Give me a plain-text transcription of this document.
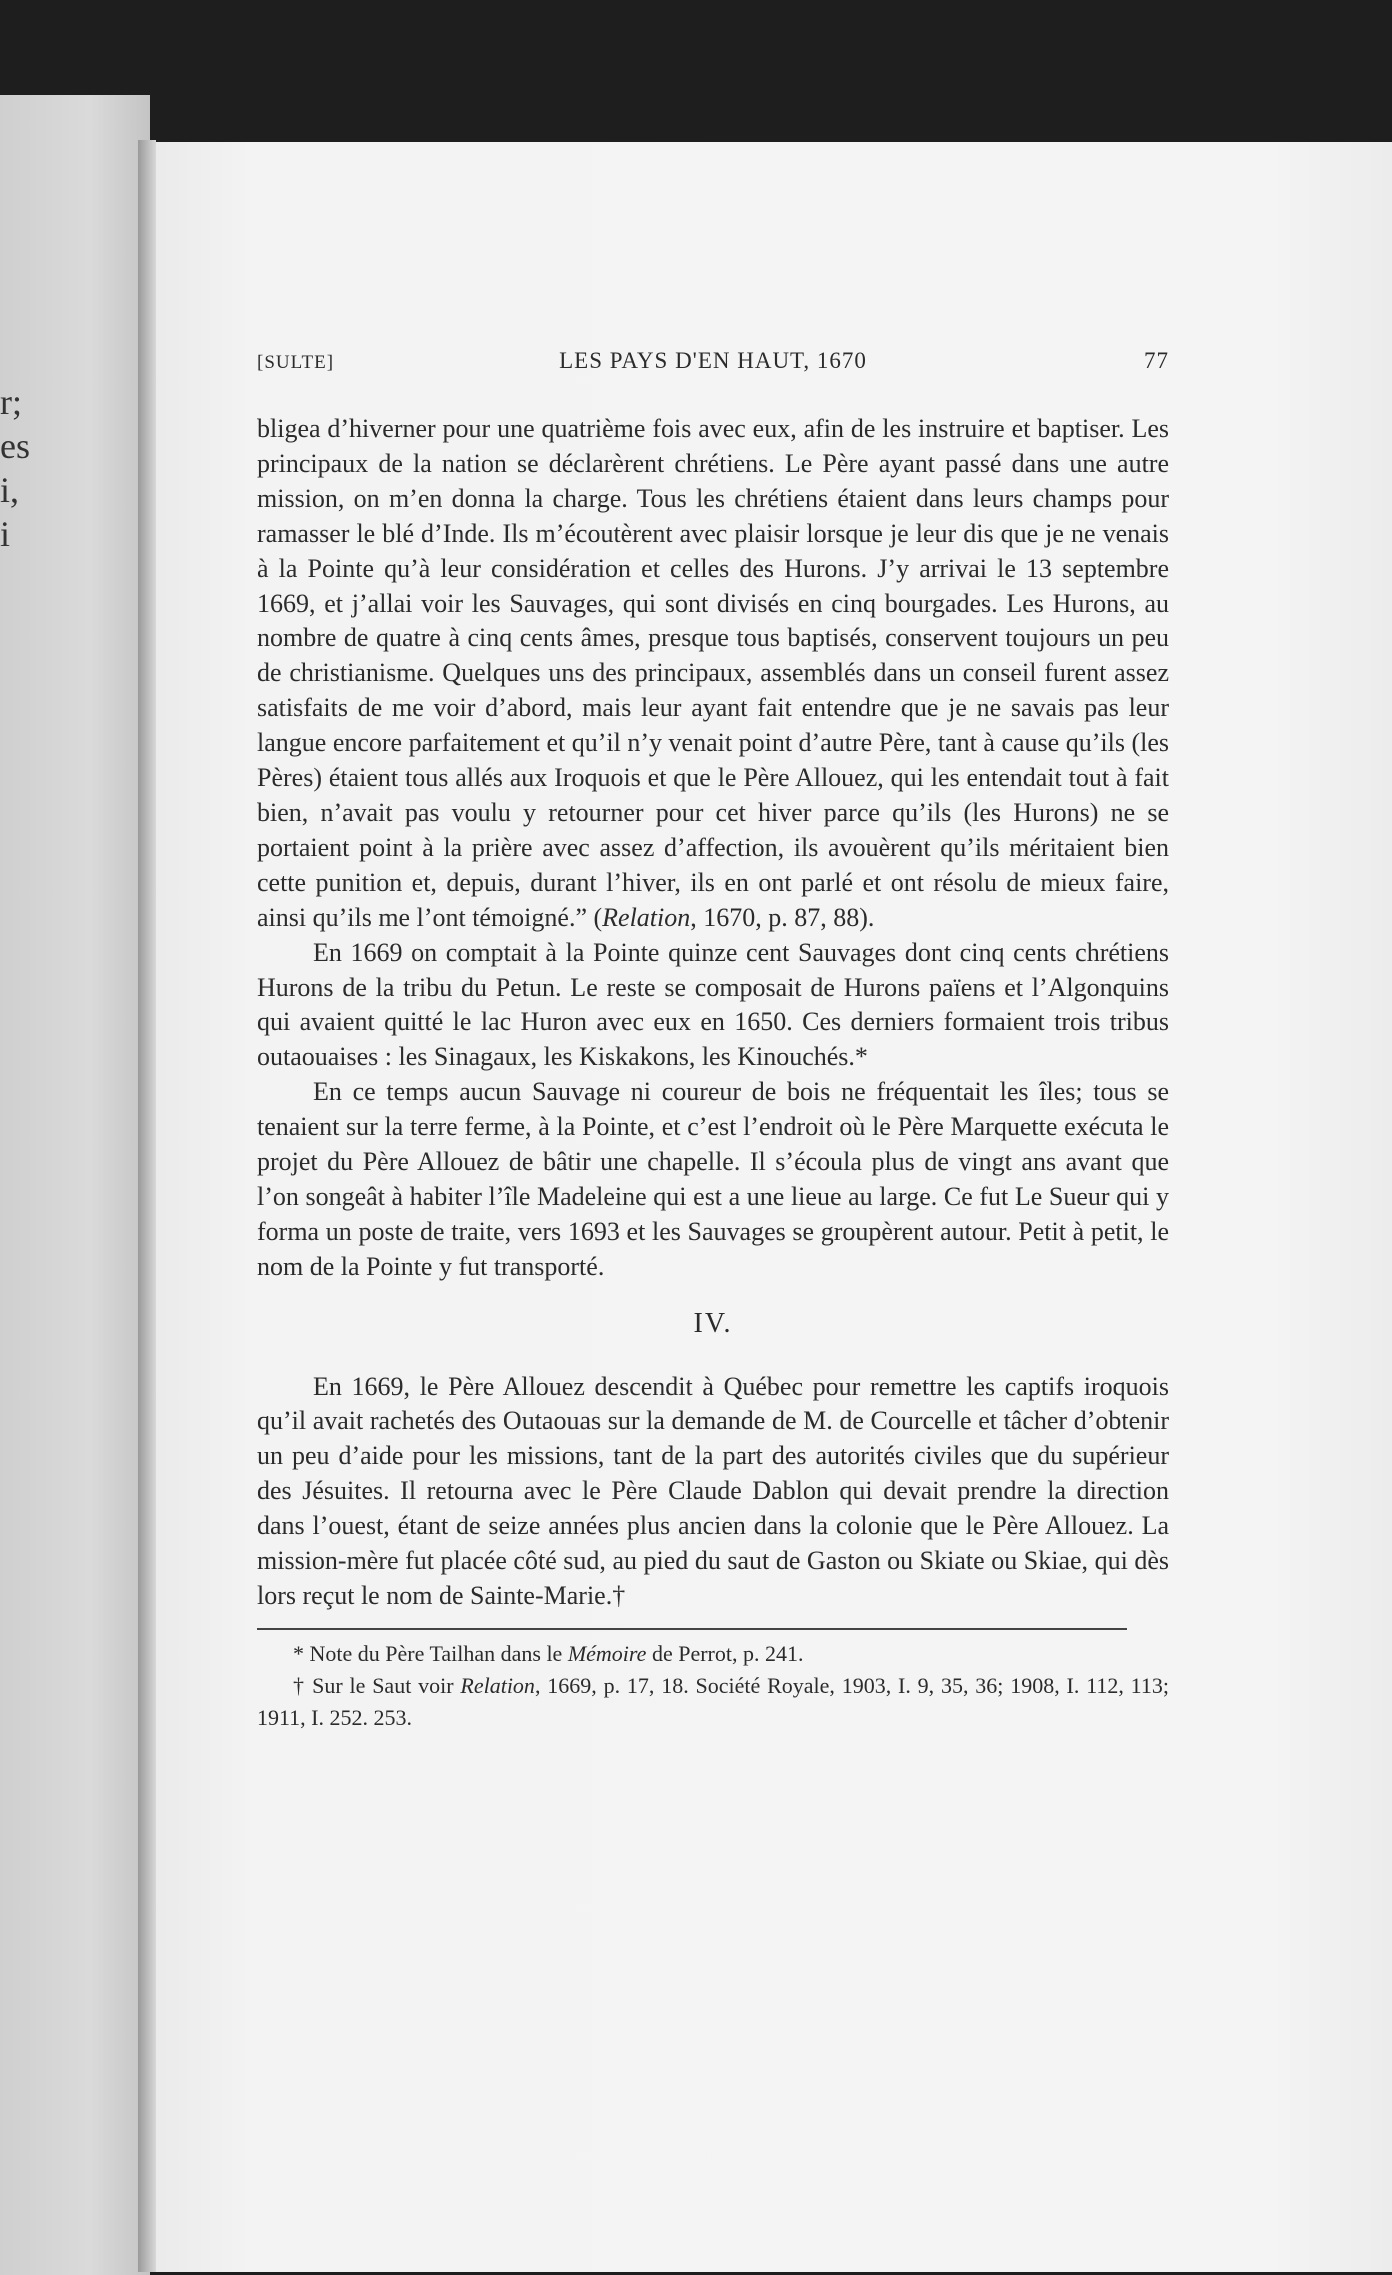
r;
es
i,
i
[SULTE]	LES PAYS D'EN HAUT, 1670	77

bligea d’hiverner pour une quatrième fois avec eux, afin de les instruire et baptiser. Les principaux de la nation se déclarèrent chrétiens. Le Père ayant passé dans une autre mission, on m’en donna la charge. Tous les chrétiens étaient dans leurs champs pour ramasser le blé d’Inde. Ils m’écoutèrent avec plaisir lorsque je leur dis que je ne venais à la Pointe qu’à leur considération et celles des Hurons. J’y arrivai le 13 septembre 1669, et j’allai voir les Sauvages, qui sont divisés en cinq bourgades. Les Hurons, au nombre de quatre à cinq cents âmes, presque tous baptisés, conservent toujours un peu de christianisme. Quelques uns des principaux, assemblés dans un conseil furent assez satisfaits de me voir d’abord, mais leur ayant fait entendre que je ne savais pas leur langue encore parfaitement et qu’il n’y venait point d’autre Père, tant à cause qu’ils (les Pères) étaient tous allés aux Iroquois et que le Père Allouez, qui les entendait tout à fait bien, n’avait pas voulu y retourner pour cet hiver parce qu’ils (les Hurons) ne se portaient point à la prière avec assez d’affection, ils avouèrent qu’ils méritaient bien cette punition et, depuis, durant l’hiver, ils en ont parlé et ont résolu de mieux faire, ainsi qu’ils me l’ont témoigné.” (Relation, 1670, p. 87, 88).

En 1669 on comptait à la Pointe quinze cent Sauvages dont cinq cents chrétiens Hurons de la tribu du Petun. Le reste se composait de Hurons païens et l’Algonquins qui avaient quitté le lac Huron avec eux en 1650. Ces derniers formaient trois tribus outaouaises : les Sinagaux, les Kiskakons, les Kinouchés.*

En ce temps aucun Sauvage ni coureur de bois ne fréquentait les îles; tous se tenaient sur la terre ferme, à la Pointe, et c’est l’endroit où le Père Marquette exécuta le projet du Père Allouez de bâtir une chapelle. Il s’écoula plus de vingt ans avant que l’on songeât à habiter l’île Madeleine qui est a une lieue au large. Ce fut Le Sueur qui y forma un poste de traite, vers 1693 et les Sauvages se groupèrent autour. Petit à petit, le nom de la Pointe y fut transporté.

IV.

En 1669, le Père Allouez descendit à Québec pour remettre les captifs iroquois qu’il avait rachetés des Outaouas sur la demande de M. de Courcelle et tâcher d’obtenir un peu d’aide pour les missions, tant de la part des autorités civiles que du supérieur des Jésuites. Il retourna avec le Père Claude Dablon qui devait prendre la direction dans l’ouest, étant de seize années plus ancien dans la colonie que le Père Allouez. La mission-mère fut placée côté sud, au pied du saut de Gaston ou Skiate ou Skiae, qui dès lors reçut le nom de Sainte-Marie.†

* Note du Père Tailhan dans le Mémoire de Perrot, p. 241.

† Sur le Saut voir Relation, 1669, p. 17, 18. Société Royale, 1903, I. 9, 35, 36; 1908, I. 112, 113; 1911, I. 252. 253.
